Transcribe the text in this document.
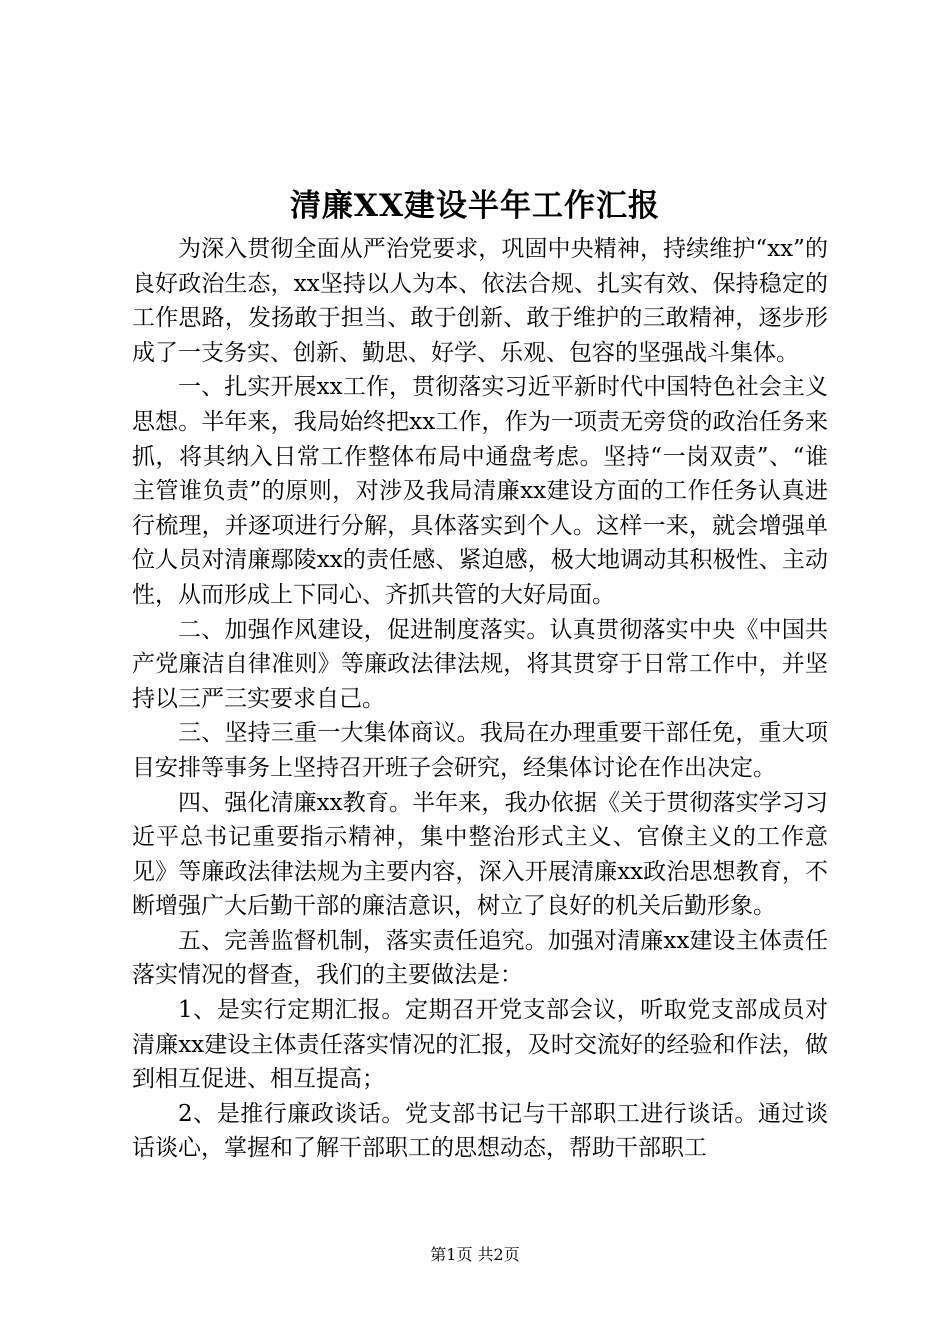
清廉XX建设半年工作汇报

为深入贯彻全面从严治党要求，巩固中央精神，持续维护“xx”的良好政治生态，xx坚持以人为本、依法合规、扎实有效、保持稳定的工作思路，发扬敢于担当、敢于创新、敢于维护的三敢精神，逐步形成了一支务实、创新、勤思、好学、乐观、包容的坚强战斗集体。

一、扎实开展xx工作，贯彻落实习近平新时代中国特色社会主义思想。半年来，我局始终把xx工作，作为一项责无旁贷的政治任务来抓，将其纳入日常工作整体布局中通盘考虑。坚持“一岗双责”、“谁主管谁负责”的原则，对涉及我局清廉xx建设方面的工作任务认真进行梳理，并逐项进行分解，具体落实到个人。这样一来，就会增强单位人员对清廉鄢陵xx的责任感、紧迫感，极大地调动其积极性、主动性，从而形成上下同心、齐抓共管的大好局面。

二、加强作风建设，促进制度落实。认真贯彻落实中央《中国共产党廉洁自律准则》等廉政法律法规，将其贯穿于日常工作中，并坚持以三严三实要求自己。

三、坚持三重一大集体商议。我局在办理重要干部任免，重大项目安排等事务上坚持召开班子会研究，经集体讨论在作出决定。

四、强化清廉xx教育。半年来，我办依据《关于贯彻落实学习习近平总书记重要指示精神，集中整治形式主义、官僚主义的工作意见》等廉政法律法规为主要内容，深入开展清廉xx政治思想教育，不断增强广大后勤干部的廉洁意识，树立了良好的机关后勤形象。

五、完善监督机制，落实责任追究。加强对清廉xx建设主体责任落实情况的督查，我们的主要做法是：

1、是实行定期汇报。定期召开党支部会议，听取党支部成员对清廉xx建设主体责任落实情况的汇报，及时交流好的经验和作法，做到相互促进、相互提高；

2、是推行廉政谈话。党支部书记与干部职工进行谈话。通过谈话谈心，掌握和了解干部职工的思想动态，帮助干部职工

第1页 共2页
